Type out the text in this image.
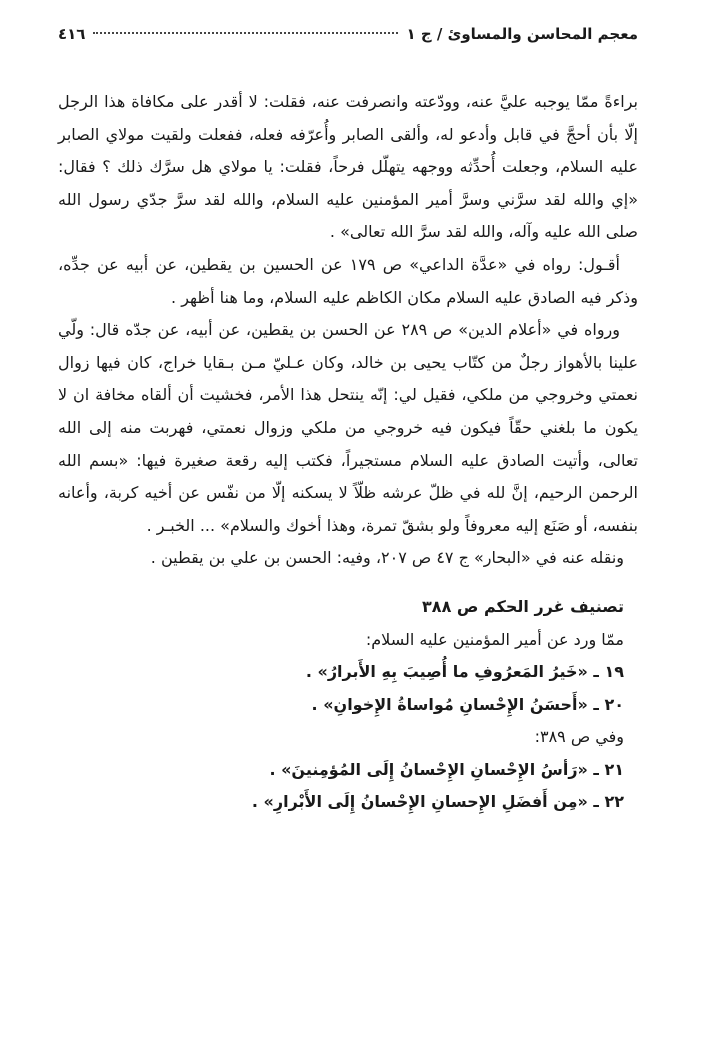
معجم المحاسن والمساوئ / ج ١
٤١٦

براءةً ممّا يوجبه عليَّ عنه، وودّعته وانصرفت عنه، فقلت: لا أقدر على مكافاة هذا الرجل إلّا بأن أحجَّ في قابل وأدعو له، وألقى الصابر وأُعرّفه فعله، ففعلت ولقيت مولاي الصابر عليه السلام، وجعلت أُحدِّثه ووجهه يتهلّل فرحاً، فقلت: يا مولاي هل سرَّك ذلك ؟ فقال: «إي والله لقد سرَّني وسرَّ أمير المؤمنين عليه السلام، والله لقد سرَّ جدّي رسول الله صلى الله عليه وآله، والله لقد سرَّ الله تعالى» .

أقـول: رواه في «عدَّة الداعي» ص ١٧٩ عن الحسين بن يقطين، عن أبيه عن جدِّه، وذكر فيه الصادق عليه السلام مكان الكاظم عليه السلام، وما هنا أظهر .

ورواه في «أعلام الدين» ص ٢٨٩ عن الحسن بن يقطين، عن أبيه، عن جدّه قال: ولّي علينا بالأهواز رجلٌ من كتّاب يحيى بن خالد، وكان عـليّ مـن بـقايا خراج، كان فيها زوال نعمتي وخروجي من ملكي، فقيل لي: إنّه ينتحل هذا الأمر، فخشيت أن ألقاه مخافة ان لا يكون ما بلغني حقّاً فيكون فيه خروجي من ملكي وزوال نعمتي، فهربت منه إلى الله تعالى، وأتيت الصادق عليه السلام مستجيراً، فكتب إليه رقعة صغيرة فيها: «بسم الله الرحمن الرحيم، إنَّ لله في ظلّ عرشه ظلّاً لا يسكنه إلّا من نفّس عن أخيه كربة، وأعانه بنفسه، أو صَنَع إليه معروفاً ولو بشقّ تمرة، وهذا أخوك والسلام» ... الخبـر .

ونقله عنه في «البحار» ج ٤٧ ص ٢٠٧، وفيه: الحسن بن علي بن يقطين .

تصنيف غرر الحكم ص ٣٨٨
ممّا ورد عن أمير المؤمنين عليه السلام:
١٩ ـ «خَيرُ المَعرُوفِ ما أُصِيبَ بِهِ الأَبرارُ» .
٢٠ ـ «أَحسَنُ الإِحْسانِ مُواساةُ الإِخوانِ» .
وفي ص ٣٨٩:
٢١ ـ «رَأسُ الإِحْسانِ الإِحْسانُ إِلَى المُؤمِنينَ» .
٢٢ ـ «مِن أَفضَلِ الإِحسانِ الإِحْسانُ إِلَى الأَبْرارِ» .
